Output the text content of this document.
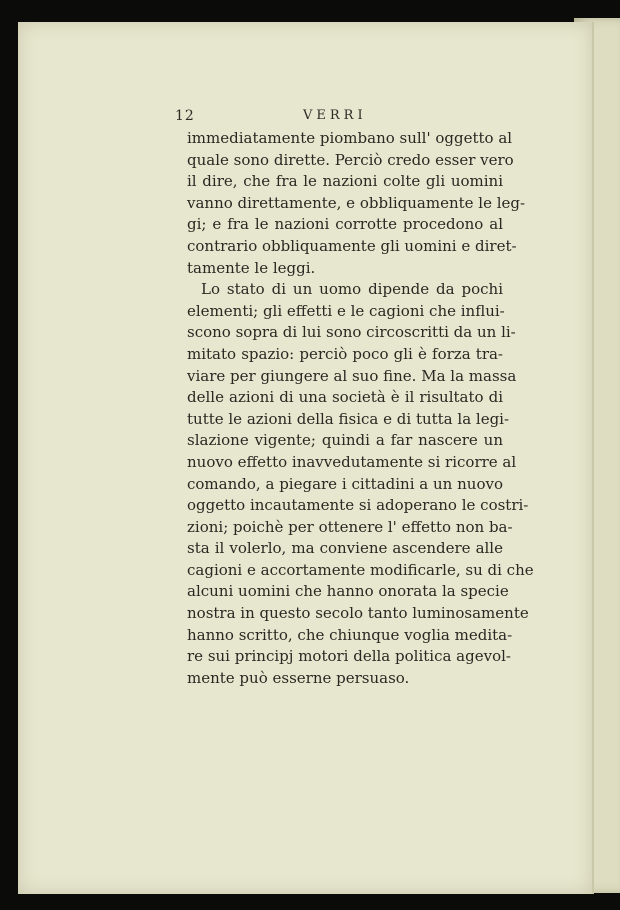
12	VERRI
immediatamente piombano sull' oggetto al
quale sono dirette. Perciò credo esser vero
il dire, che fra le nazioni colte gli uomini
vanno direttamente, e obbliquamente le leg-
gi; e fra le nazioni corrotte procedono al
contrario obbliquamente gli uomini e diret-
tamente le leggi.
Lo stato di un uomo dipende da pochi
elementi; gli effetti e le cagioni che influi-
scono sopra di lui sono circoscritti da un li-
mitato spazio: perciò poco gli è forza tra-
viare per giungere al suo fine. Ma la massa
delle azioni di una società è il risultato di
tutte le azioni della fisica e di tutta la legi-
slazione vigente; quindi a far nascere un
nuovo effetto inavvedutamente si ricorre al
comando, a piegare i cittadini a un nuovo
oggetto incautamente si adoperano le costri-
zioni; poichè per ottenere l' effetto non ba-
sta il volerlo, ma conviene ascendere alle
cagioni e accortamente modificarle, su di che
alcuni uomini che hanno onorata la specie
nostra in questo secolo tanto luminosamente
hanno scritto, che chiunque voglia medita-
re sui principj motori della politica agevol-
mente può esserne persuaso.
